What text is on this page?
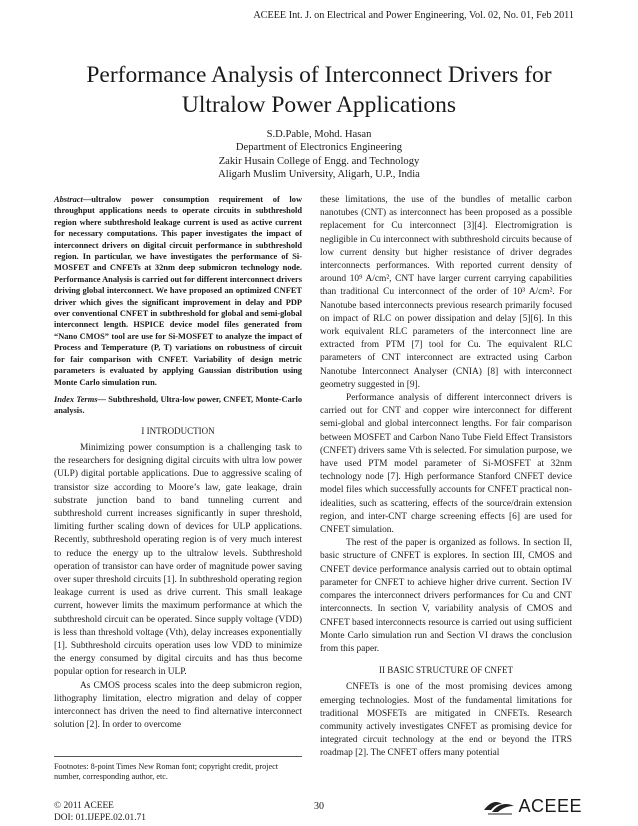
ACEEE Int. J. on Electrical and Power Engineering, Vol. 02, No. 01, Feb 2011
Performance Analysis of Interconnect Drivers for
Ultralow Power Applications
S.D.Pable, Mohd. Hasan
Department of Electronics Engineering
Zakir Husain College of Engg. and Technology
Aligarh Muslim University, Aligarh, U.P., India

Abstract—ultralow power consumption requirement of low throughput applications needs to operate circuits in subthreshold region where subthreshold leakage current is used as active current for necessary computations. This paper investigates the impact of interconnect drivers on digital circuit performance in subthreshold region. In particular, we have investigates the performance of Si-MOSFET and CNFETs at 32nm deep submicron technology node. Performance Analysis is carried out for different interconnect drivers driving global interconnect. We have proposed an optimized CNFET driver which gives the significant improvement in delay and PDP over conventional CNFET in subthreshold for global and semi-global interconnect length. HSPICE device model files generated from “Nano CMOS” tool are use for Si-MOSFET to analyze the impact of Process and Temperature (P, T) variations on robustness of circuit for fair comparison with CNFET. Variability of design metric parameters is evaluated by applying Gaussian distribution using Monte Carlo simulation run.

Index Terms— Subthreshold, Ultra-low power, CNFET, Monte-Carlo analysis.

I INTRODUCTION

Minimizing power consumption is a challenging task to the researchers for designing digital circuits with ultra low power (ULP) digital portable applications. Due to aggressive scaling of transistor size according to Moore’s law, gate leakage, drain substrate junction band to band tunneling current and subthreshold current increases significantly in super threshold, limiting further scaling down of devices for ULP applications. Recently, subthreshold operating region is of very much interest to reduce the energy up to the ultralow levels. Subthreshold operation of transistor can have order of magnitude power saving over super threshold circuits [1]. In subthreshold operating region leakage current is used as drive current. This small leakage current, however limits the maximum performance at which the subthreshold circuit can be operated. Since supply voltage (VDD) is less than threshold voltage (Vth), delay increases exponentially [1]. Subthreshold circuits operation uses low VDD to minimize the energy consumed by digital circuits and has thus become popular option for research in ULP.

As CMOS process scales into the deep submicron region, lithography limitation, electro migration and delay of copper interconnect has driven the need to find alternative interconnect solution [2]. In order to overcome

these limitations, the use of the bundles of metallic carbon nanotubes (CNT) as interconnect has been proposed as a possible replacement for Cu interconnect [3][4]. Electromigration is negligible in Cu interconnect with subthreshold circuits because of low current density but higher resistance of driver degrades interconnects performances. With reported current density of around 10⁹ A/cm², CNT have larger current carrying capabilities than traditional Cu interconnect of the order of 10³ A/cm². For Nanotube based interconnects previous research primarily focused on impact of RLC on power dissipation and delay [5][6]. In this work equivalent RLC parameters of the interconnect line are extracted from PTM [7] tool for Cu. The equivalent RLC parameters of CNT interconnect are extracted using Carbon Nanotube Interconnect Analyser (CNIA) [8] with interconnect geometry suggested in [9].

Performance analysis of different interconnect drivers is carried out for CNT and copper wire interconnect for different semi-global and global interconnect lengths. For fair comparison between MOSFET and Carbon Nano Tube Field Effect Transistors (CNFET) drivers same Vth is selected. For simulation purpose, we have used PTM model parameter of Si-MOSFET at 32nm technology node [7]. High performance Stanford CNFET device model files which successfully accounts for CNFET practical non-idealities, such as scattering, effects of the source/drain extension region, and inter-CNT charge screening effects [6] are used for CNFET simulation.

The rest of the paper is organized as follows. In section II, basic structure of CNFET is explores. In section III, CMOS and CNFET device performance analysis carried out to obtain optimal parameter for CNFET to achieve higher drive current. Section IV compares the interconnect drivers performances for Cu and CNT interconnects. In section V, variability analysis of CMOS and CNFET based interconnects resource is carried out using sufficient Monte Carlo simulation run and Section VI draws the conclusion from this paper.

II BASIC STRUCTURE OF CNFET

CNFETs is one of the most promising devices among emerging technologies. Most of the fundamental limitations for traditional MOSFETs are mitigated in CNFETs. Research community actively investigates CNFET as promising device for integrated circuit technology at the end or beyond the ITRS roadmap [2]. The CNFET offers many potential

Footnotes: 8-point Times New Roman font; copyright credit, project number, corresponding author, etc.
© 2011 ACEEE
DOI: 01.IJEPE.02.01.71
30	ACEEE
